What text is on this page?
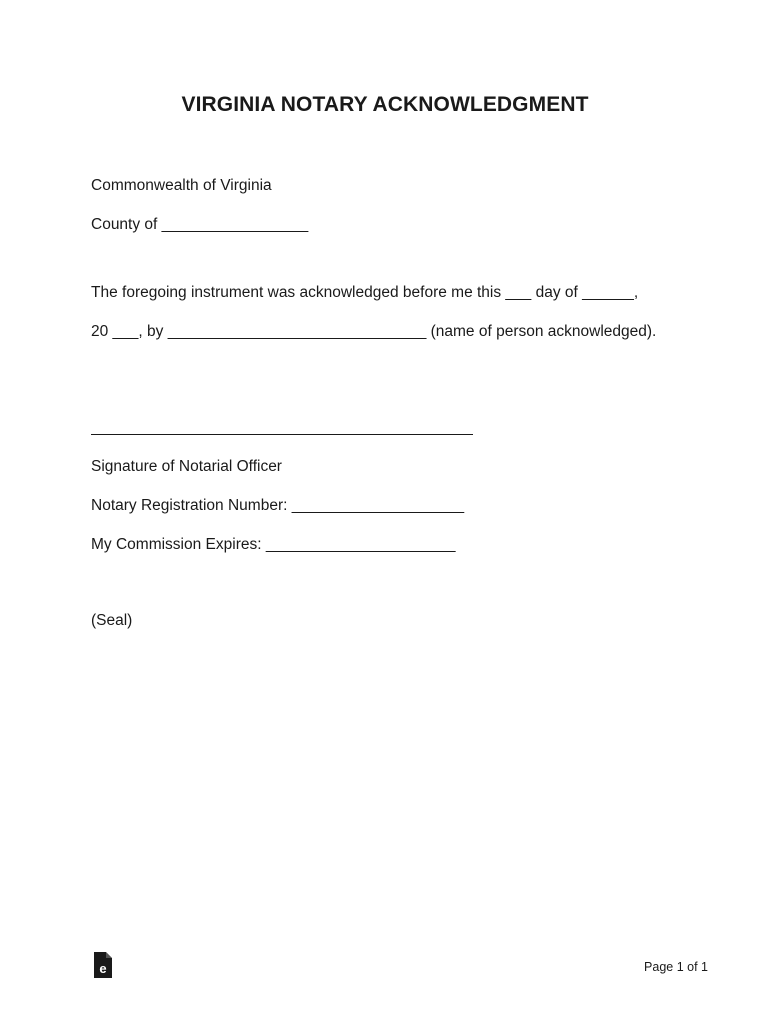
VIRGINIA NOTARY ACKNOWLEDGMENT
Commonwealth of Virginia
County of _________________
The foregoing instrument was acknowledged before me this ___ day of ______,
20 ___, by ______________________________ (name of person acknowledged).
Signature of Notarial Officer
Notary Registration Number: ____________________
My Commission Expires: ______________________
(Seal)
e	Page 1 of 1
